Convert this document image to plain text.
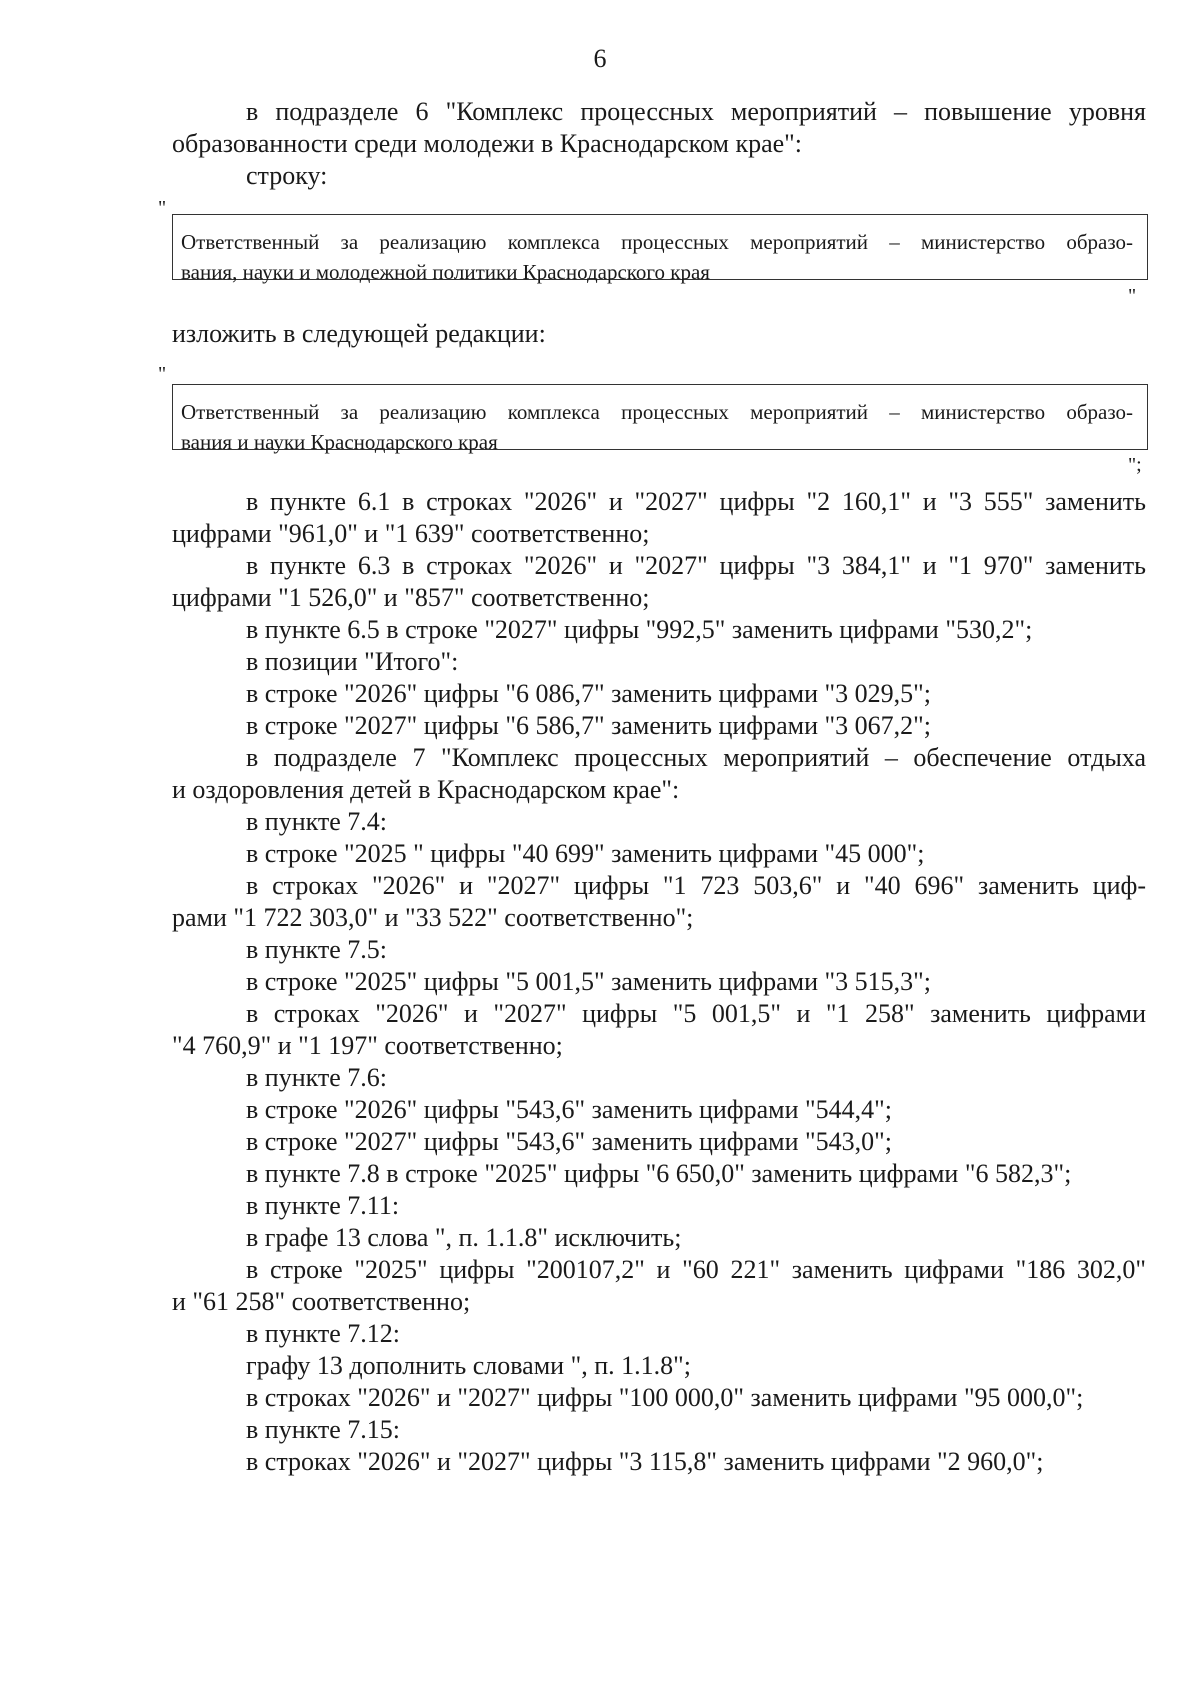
6
в подразделе 6 "Комплекс процессных мероприятий – повышение уровня
образованности среди молодежи в Краснодарском крае":
строку:
"
Ответственный за реализацию комплекса процессных мероприятий – министерство образо-
вания, науки и молодежной политики Краснодарского края
"
изложить в следующей редакции:
"
Ответственный за реализацию комплекса процессных мероприятий – министерство образо-
вания и науки Краснодарского края
";
в пункте 6.1 в строках "2026" и "2027" цифры "2 160,1" и "3 555" заменить
цифрами "961,0" и "1 639" соответственно;
в пункте 6.3 в строках "2026" и "2027" цифры "3 384,1" и "1 970" заменить
цифрами "1 526,0" и "857" соответственно;
в пункте 6.5 в строке "2027" цифры "992,5" заменить цифрами "530,2";
в позиции "Итого":
в строке "2026" цифры "6 086,7" заменить цифрами "3 029,5";
в строке "2027" цифры "6 586,7" заменить цифрами "3 067,2";
в подразделе 7 "Комплекс процессных мероприятий – обеспечение отдыха
и оздоровления детей в Краснодарском крае":
в пункте 7.4:
в строке "2025 " цифры "40 699" заменить цифрами "45 000";
в строках "2026" и "2027" цифры "1 723 503,6" и "40 696" заменить циф-
рами "1 722 303,0" и "33 522" соответственно";
в пункте 7.5:
в строке "2025" цифры "5 001,5" заменить цифрами "3 515,3";
в строках "2026" и "2027" цифры "5 001,5" и "1 258" заменить цифрами
"4 760,9" и "1 197" соответственно;
в пункте 7.6:
в строке "2026" цифры "543,6" заменить цифрами "544,4";
в строке "2027" цифры "543,6" заменить цифрами "543,0";
в пункте 7.8 в строке "2025" цифры "6 650,0" заменить цифрами "6 582,3";
в пункте 7.11:
в графе 13 слова ", п. 1.1.8" исключить;
в строке "2025" цифры "200107,2" и "60 221" заменить цифрами "186 302,0"
и "61 258" соответственно;
в пункте 7.12:
графу 13 дополнить словами ", п. 1.1.8";
в строках "2026" и "2027" цифры "100 000,0" заменить цифрами "95 000,0";
в пункте 7.15:
в строках "2026" и "2027" цифры "3 115,8" заменить цифрами "2 960,0";
